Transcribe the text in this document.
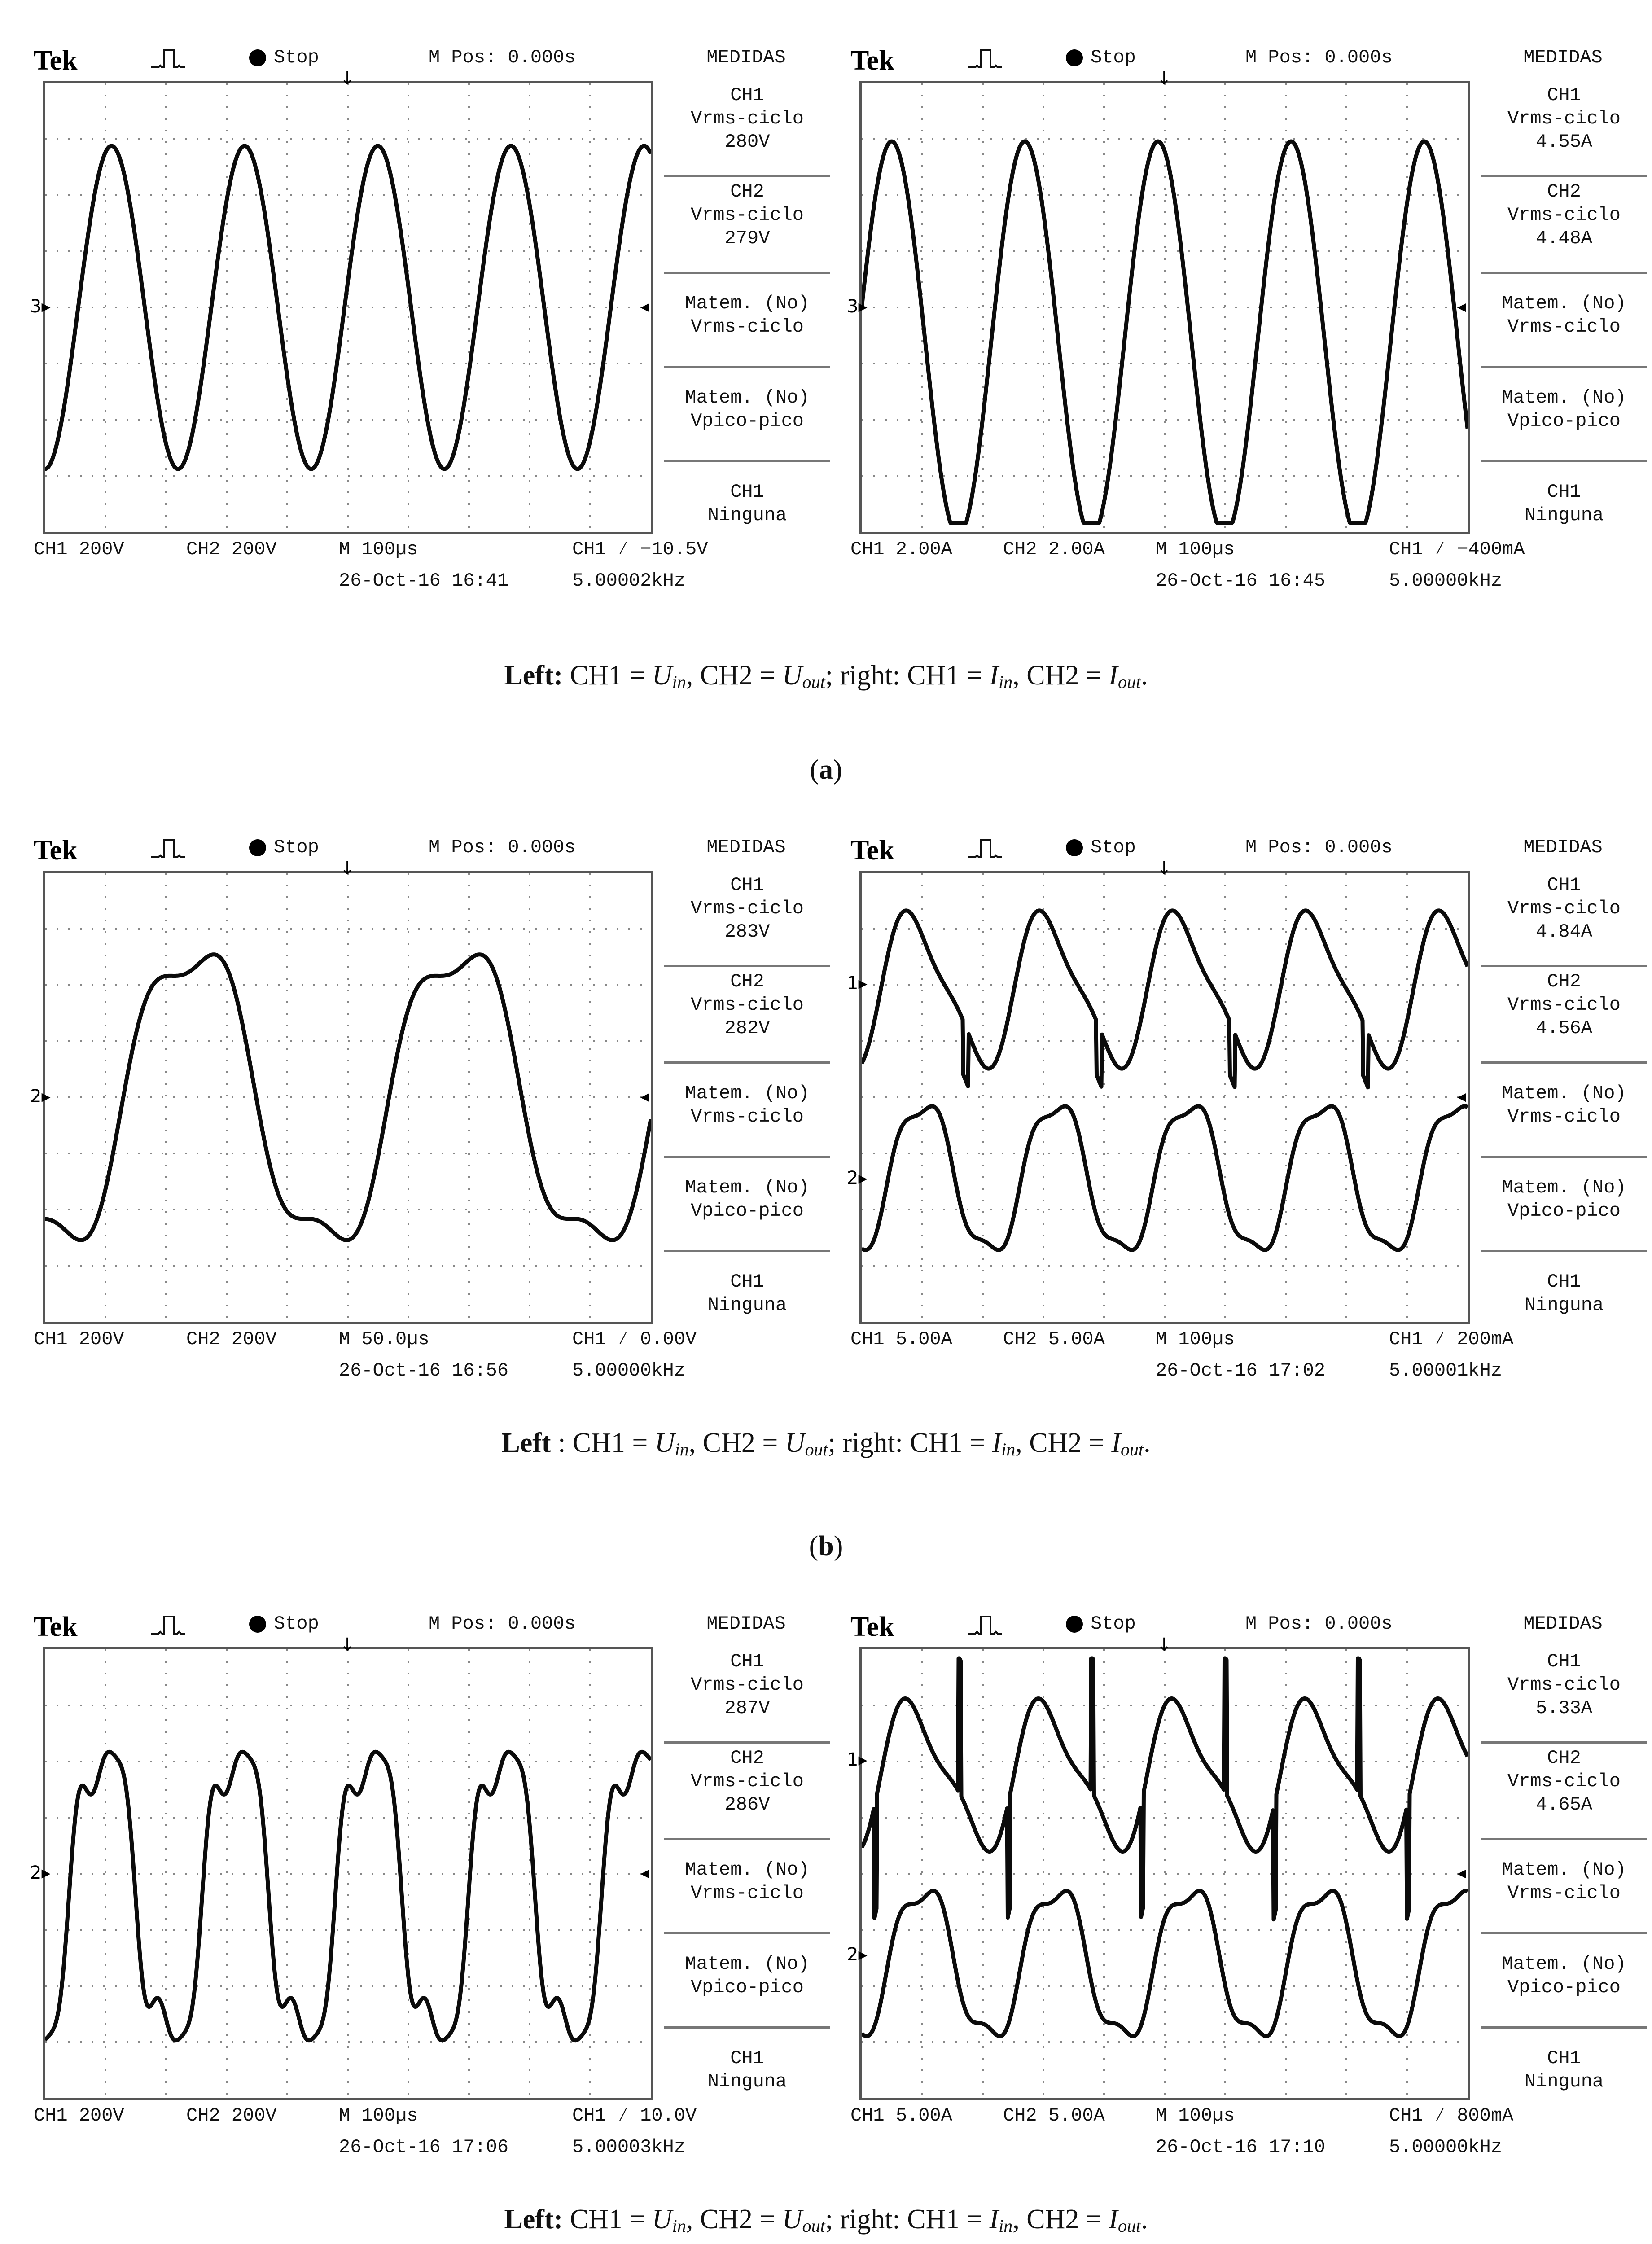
Tek	Stop	M Pos: 0.000s	MEDIDAS
3▸	◂
↓
CH1
Vrms-ciclo
280V
CH2
Vrms-ciclo
279V
Matem. (No)
Vrms-ciclo
Matem. (No)
Vpico-pico
CH1
Ninguna
CH1 200V	CH2 200V	M 100µs	CH1 ∕ −10.5V
26-Oct-16 16:41	5.00002kHz
Tek	Stop	M Pos: 0.000s	MEDIDAS
3▸	◂
↓
CH1
Vrms-ciclo
4.55A
CH2
Vrms-ciclo
4.48A
Matem. (No)
Vrms-ciclo
Matem. (No)
Vpico-pico
CH1
Ninguna
CH1 2.00A	CH2 2.00A	M 100µs	CH1 ∕ −400mA
26-Oct-16 16:45	5.00000kHz
Left: $CH1 = U_{in}$, $CH2 = U_{out}$; right: $CH1 = I_{in}$, $CH2 = I_{out}$.
(a)
Tek	Stop	M Pos: 0.000s	MEDIDAS
2▸	◂
↓
CH1
Vrms-ciclo
283V
CH2
Vrms-ciclo
282V
Matem. (No)
Vrms-ciclo
Matem. (No)
Vpico-pico
CH1
Ninguna
CH1 200V	CH2 200V	M 50.0µs	CH1 ∕ 0.00V
26-Oct-16 16:56	5.00000kHz
Tek	Stop	M Pos: 0.000s	MEDIDAS
1▸
2▸
◂
↓
CH1
Vrms-ciclo
4.84A
CH2
Vrms-ciclo
4.56A
Matem. (No)
Vrms-ciclo
Matem. (No)
Vpico-pico
CH1
Ninguna
CH1 5.00A	CH2 5.00A	M 100µs	CH1 ∕ 200mA
26-Oct-16 17:02	5.00001kHz
Left : $CH1 = U_{in}$, $CH2 = U_{out}$; right: $CH1 = I_{in}$, $CH2 = I_{out}$.
(b)
Tek	Stop	M Pos: 0.000s	MEDIDAS
2▸	◂
↓
CH1
Vrms-ciclo
287V
CH2
Vrms-ciclo
286V
Matem. (No)
Vrms-ciclo
Matem. (No)
Vpico-pico
CH1
Ninguna
CH1 200V	CH2 200V	M 100µs	CH1 ∕ 10.0V
26-Oct-16 17:06	5.00003kHz
Tek	Stop	M Pos: 0.000s	MEDIDAS
1▸
2▸
◂
↓
CH1
Vrms-ciclo
5.33A
CH2
Vrms-ciclo
4.65A
Matem. (No)
Vrms-ciclo
Matem. (No)
Vpico-pico
CH1
Ninguna
CH1 5.00A	CH2 5.00A	M 100µs	CH1 ∕ 800mA
26-Oct-16 17:10	5.00000kHz
Left: $CH1 = U_{in}$, $CH2 = U_{out}$; right: $CH1 = I_{in}$, $CH2 = I_{out}$.
